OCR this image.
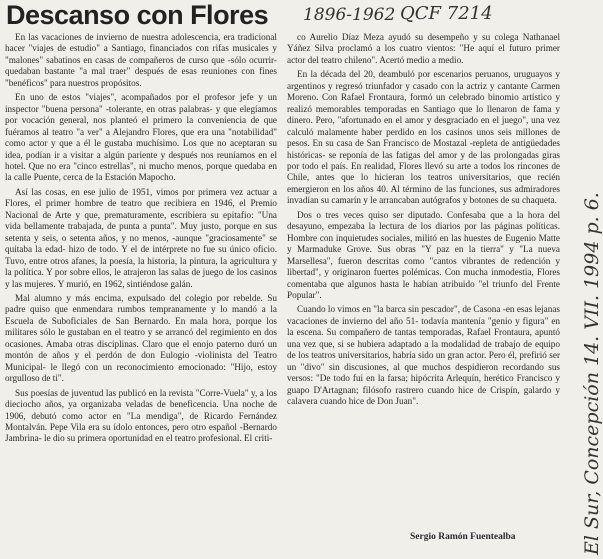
Descanso con Flores 1896-1962 QCF 7214

En las vacaciones de invierno de nuestra adolescencia, era tradicional hacer "viajes de estudio" a Santiago, financiados con rifas musicales y "malones" sabatinos en casas de compañeros de curso que -sólo ocurrir- quedaban bastante "a mal traer" después de esas reuniones con fines "benéficos" para nuestros propósitos.

En uno de estos "viajes", acompañados por el profesor jefe y un inspector "buena persona" -tolerante, en otras palabras- y que elegíamos por vocación general, nos planteó el primero la conveniencia de que fuéramos al teatro "a ver" a Alejandro Flores, que era una "notabilidad" como actor y que a él le gustaba muchísimo. Los que no aceptaran su idea, podían ir a visitar a algún pariente y después nos reuníamos en el hotel. Que no era "cinco estrellas", ni mucho menos, porque quedaba en la calle Puente, cerca de la Estación Mapocho.

Así las cosas, en ese julio de 1951, vimos por primera vez actuar a Flores, el primer hombre de teatro que recibiera en 1946, el Premio Nacional de Arte y que, prematuramente, escribiera su epitafio: "Una vida bellamente trabajada, de punta a punta". Muy justo, porque en sus setenta y seis, o setenta años, y no menos, -aunque "graciosamente" se quitaba la edad- hizo de todo. Y el de intérprete no fue su único oficio. Tuvo, entre otros afanes, la poesía, la historia, la pintura, la agricultura y la política. Y por sobre ellos, le atrajeron las salas de juego de los casinos y las mujeres. Y murió, en 1962, sintiéndose galán.

Mal alumno y más encima, expulsado del colegio por rebelde. Su padre quiso que enmendara rumbos tempranamente y lo mandó a la Escuela de Suboficiales de San Bernardo. En mala hora, porque los militares sólo le gustaban en el teatro y se arrancó del regimiento en dos ocasiones. Amaba otras disciplinas. Claro que el enojo paterno duró un montón de años y el perdón de don Eulogio -violinista del Teatro Municipal- le llegó con un reconocimiento emocionado: "Hijo, estoy orgulloso de ti".

Sus poesías de juventud las publicó en la revista "Corre-Vuela" y, a los dieciocho años, ya organizaba veladas de beneficencia. Una noche de 1906, debutó como actor en "La mendiga", de Ricardo Fernández Montalván. Pepe Vila era su ídolo entonces, pero otro español -Bernardo Jambrina- le dio su primera oportunidad en el teatro profesional. El criti-

co Aurelio Díaz Meza ayudó su desempeño y su colega Nathanael Yáñez Silva proclamó a los cuatro vientos: "He aquí el futuro primer actor del teatro chileno". Acertó medio a medio.

En la década del 20, deambuló por escenarios peruanos, uruguayos y argentinos y regresó triunfador y casado con la actriz y cantante Carmen Moreno. Con Rafael Frontaura, formó un celebrado binomio artístico y realizó memorables temporadas en Santiago que lo llenaron de fama y dinero. Pero, "afortunado en el amor y desgraciado en el juego", una vez calculó malamente haber perdido en los casinos unos seis millones de pesos. En su casa de San Francisco de Mostazal -repleta de antigüedades históricas- se reponía de las fatigas del amor y de las prolongadas giras por todo el país. En realidad, Flores llevó su arte a todos los rincones de Chile, antes que lo hicieran los teatros universitarios, que recién emergieron en los años 40. Al término de las funciones, sus admiradores invadían su camarín y le arrancaban autógrafos y botones de su chaqueta.

Dos o tres veces quiso ser diputado. Confesaba que a la hora del desayuno, empezaba la lectura de los diarios por las páginas políticas. Hombre con inquietudes sociales, militó en las huestes de Eugenio Matte y Marmaduke Grove. Sus obras "Y paz en la tierra" y "La nueva Marsellesa", fueron descritas como "cantos vibrantes de redención y libertad", y originaron fuertes polémicas. Con mucha inmodestia, Flores comentaba que algunos hasta le habían atribuido "el triunfo del Frente Popular".

Cuando lo vimos en "la barca sin pescador", de Casona -en esas lejanas vacaciones de invierno del año 51- todavía mantenía "genio y figura" en la escena. Su compañero de tantas temporadas, Rafael Frontaura, apuntó una vez que, si se hubiera adaptado a la modalidad de trabajo de equipo de los teatros universitarios, habría sido un gran actor. Pero él, prefirió ser un "divo" sin discusiones, al que muchos despidieron recordando sus versos: "De todo fui en la farsa; hipócrita Arlequín, herético Francisco y guapo D'Artagnan; filósofo rastrero cuando hice de Crispín, galardo y calavera cuando hice de Don Juan".

Sergio Ramón Fuentealba	El Sur, Concepción 14. VII. 1994 p. 6.
